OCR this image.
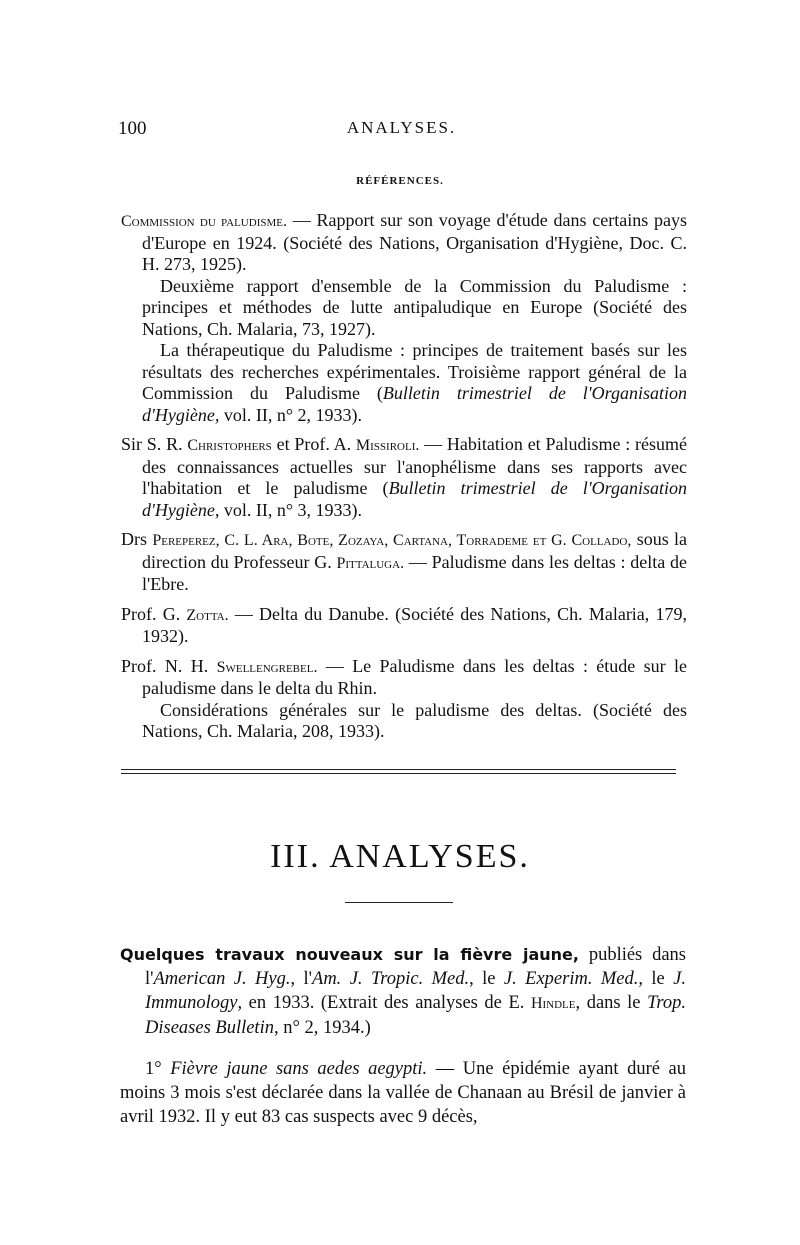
100	ANALYSES.
RÉFÉRENCES.

Commission du paludisme. — Rapport sur son voyage d'étude dans certains pays d'Europe en 1924. (Société des Nations, Organisation d'Hygiène, Doc. C. H. 273, 1925).
Deuxième rapport d'ensemble de la Commission du Paludisme : principes et méthodes de lutte antipaludique en Europe (Société des Nations, Ch. Malaria, 73, 1927).
La thérapeutique du Paludisme : principes de traitement basés sur les résultats des recherches expérimentales. Troisième rapport général de la Commission du Paludisme (Bulletin trimestriel de l'Organisation d'Hygiène, vol. II, n° 2, 1933).

Sir S. R. Christophers et Prof. A. Missiroli. — Habitation et Paludisme : résumé des connaissances actuelles sur l'anophélisme dans ses rapports avec l'habitation et le paludisme (Bulletin trimestriel de l'Organisation d'Hygiène, vol. II, n° 3, 1933).

Drs Pereperez, C. L. Ara, Bote, Zozaya, Cartana, Torrademe et G. Collado, sous la direction du Professeur G. Pittaluga. — Paludisme dans les deltas : delta de l'Ebre.

Prof. G. Zotta. — Delta du Danube. (Société des Nations, Ch. Malaria, 179, 1932).

Prof. N. H. Swellengrebel. — Le Paludisme dans les deltas : étude sur le paludisme dans le delta du Rhin.
Considérations générales sur le paludisme des deltas. (Société des Nations, Ch. Malaria, 208, 1933).

III. ANALYSES.

Quelques travaux nouveaux sur la fièvre jaune, publiés dans l'American J. Hyg., l'Am. J. Tropic. Med., le J. Experim. Med., le J. Immunology, en 1933. (Extrait des analyses de E. Hindle, dans le Trop. Diseases Bulletin, n° 2, 1934.)

1° Fièvre jaune sans aedes aegypti. — Une épidémie ayant duré au moins 3 mois s'est déclarée dans la vallée de Chanaan au Brésil de janvier à avril 1932. Il y eut 83 cas suspects avec 9 décès,
